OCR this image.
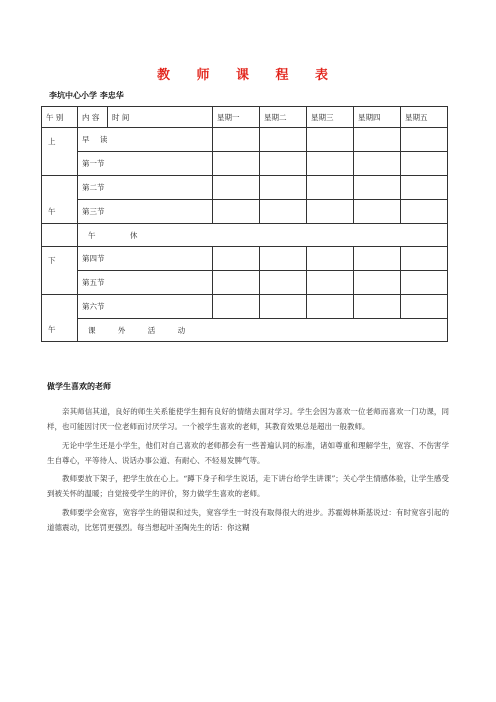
教 师 课 程 表
李坑中心小学 李忠华
午 别	内 容	时 间	星期一	星期二	星期三	星期四	星期五
上	早 读						
	第一节						
午	第二节						
	第三节						
	午 休						
下	第四节						
	第五节						
午	第六节						
	课 外 活 动						
做学生喜欢的老师

亲其师信其道，良好的师生关系能使学生拥有良好的情绪去面对学习。学生会因为喜欢一位老师而喜欢一门功课，同样，也可能因讨厌一位老师而讨厌学习。一个被学生喜欢的老师，其教育效果总是超出一般教师。

无论中学生还是小学生，他们对自己喜欢的老师都会有一些普遍认同的标准，诸如尊重和理解学生，宽容、不伤害学生自尊心，平等待人、说话办事公道、有耐心、不轻易发脾气等。

教师要放下架子，把学生放在心上。“蹲下身子和学生说话，走下讲台给学生讲课”；关心学生情感体验，让学生感受到被关怀的温暖；自觉接受学生的评价，努力做学生喜欢的老师。

教师要学会宽容，宽容学生的错误和过失，宽容学生一时没有取得很大的进步。苏霍姆林斯基说过：有时宽容引起的道德震动，比惩罚更强烈。每当想起叶圣陶先生的话：你这糊
